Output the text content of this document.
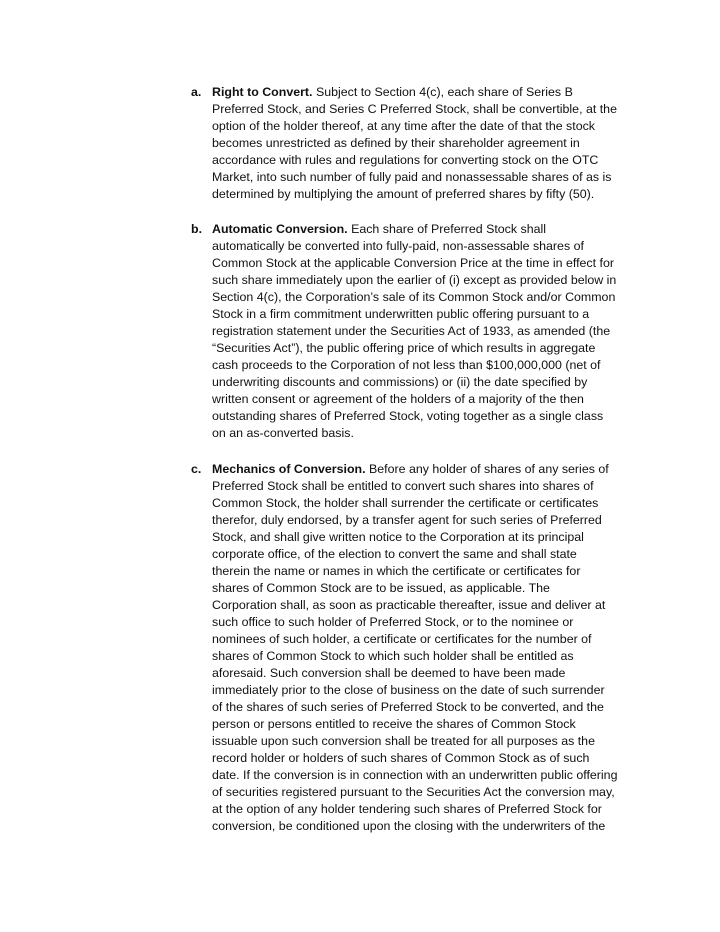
a. Right to Convert. Subject to Section 4(c), each share of Series B
Preferred Stock, and Series C Preferred Stock, shall be convertible, at the
option of the holder thereof, at any time after the date of that the stock
becomes unrestricted as defined by their shareholder agreement in
accordance with rules and regulations for converting stock on the OTC
Market, into such number of fully paid and nonassessable shares of as is
determined by multiplying the amount of preferred shares by fifty (50).
b. Automatic Conversion. Each share of Preferred Stock shall
automatically be converted into fully-paid, non-assessable shares of
Common Stock at the applicable Conversion Price at the time in effect for
such share immediately upon the earlier of (i) except as provided below in
Section 4(c), the Corporation’s sale of its Common Stock and/or Common
Stock in a firm commitment underwritten public offering pursuant to a
registration statement under the Securities Act of 1933, as amended (the
“Securities Act”), the public offering price of which results in aggregate
cash proceeds to the Corporation of not less than $100,000,000 (net of
underwriting discounts and commissions) or (ii) the date specified by
written consent or agreement of the holders of a majority of the then
outstanding shares of Preferred Stock, voting together as a single class
on an as-converted basis.
c. Mechanics of Conversion. Before any holder of shares of any series of
Preferred Stock shall be entitled to convert such shares into shares of
Common Stock, the holder shall surrender the certificate or certificates
therefor, duly endorsed, by a transfer agent for such series of Preferred
Stock, and shall give written notice to the Corporation at its principal
corporate office, of the election to convert the same and shall state
therein the name or names in which the certificate or certificates for
shares of Common Stock are to be issued, as applicable. The
Corporation shall, as soon as practicable thereafter, issue and deliver at
such office to such holder of Preferred Stock, or to the nominee or
nominees of such holder, a certificate or certificates for the number of
shares of Common Stock to which such holder shall be entitled as
aforesaid. Such conversion shall be deemed to have been made
immediately prior to the close of business on the date of such surrender
of the shares of such series of Preferred Stock to be converted, and the
person or persons entitled to receive the shares of Common Stock
issuable upon such conversion shall be treated for all purposes as the
record holder or holders of such shares of Common Stock as of such
date. If the conversion is in connection with an underwritten public offering
of securities registered pursuant to the Securities Act the conversion may,
at the option of any holder tendering such shares of Preferred Stock for
conversion, be conditioned upon the closing with the underwriters of the
